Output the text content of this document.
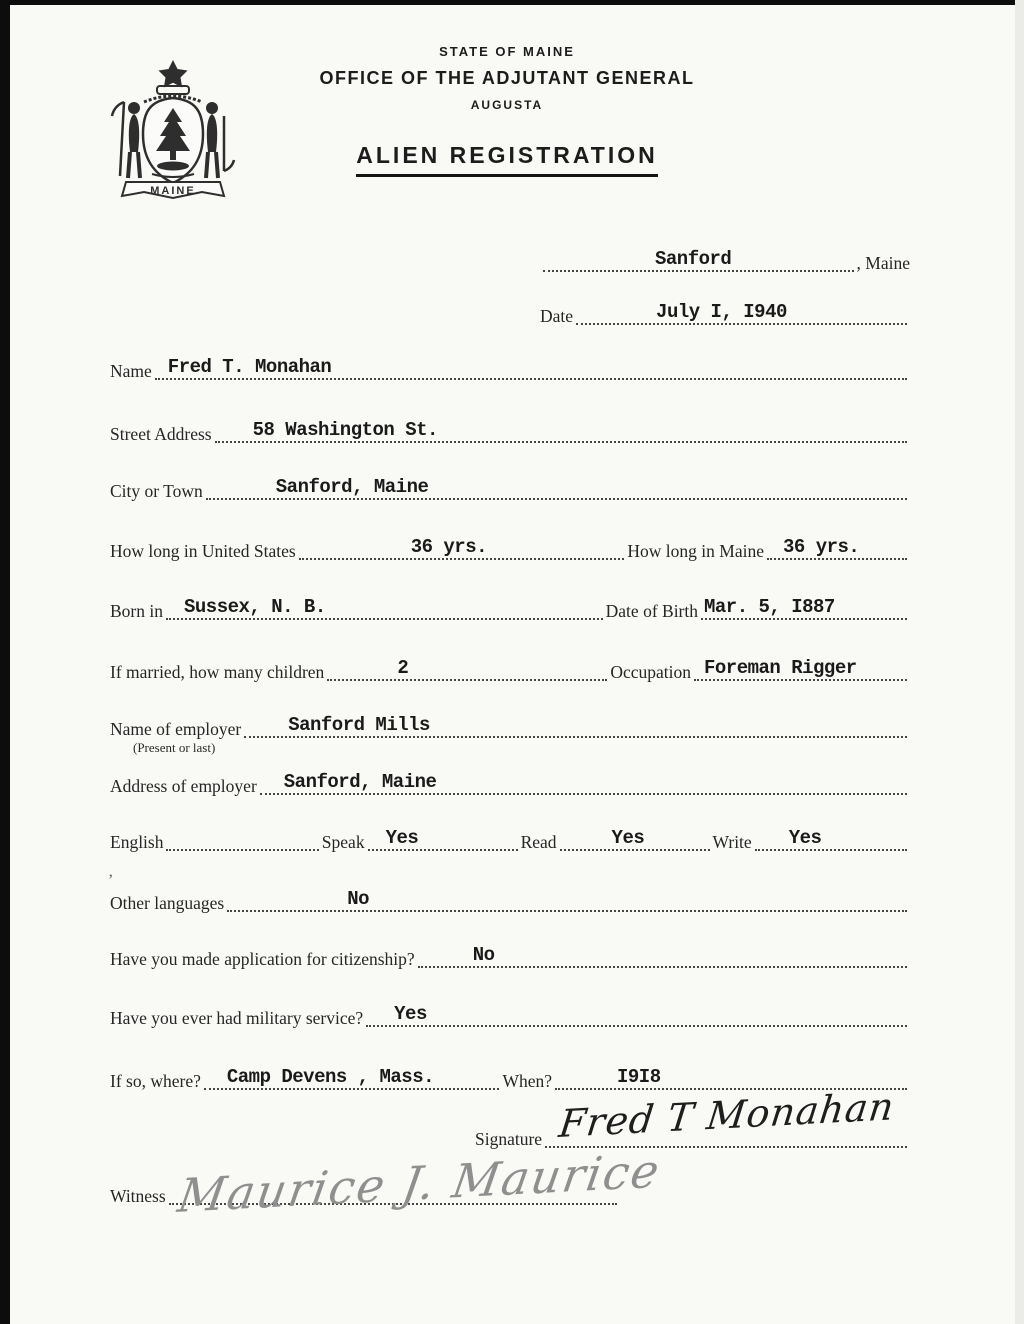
MAINE
STATE OF MAINE
OFFICE OF THE ADJUTANT GENERAL
AUGUSTA
ALIEN REGISTRATION
Sanford	, Maine
Date	July I, I940
Name Fred T. Monahan
Street Address 58 Washington St.
City or Town	Sanford, Maine
How long in United States	36 yrs.	How long in Maine 36 yrs.
Born in Sussex, N. B.	Date of Birth Mar. 5, I887
If married, how many children	2	Occupation Foreman Rigger
Name of employer Sanford Mills
(Present or last)
Address of employer Sanford, Maine
English	Speak Yes	Read	Yes	Write Yes
’
Other languages	No
Have you made application for citizenship?	No
Have you ever had military service? Yes
If so, where? Camp Devens , Mass.	When?	I9I8
Signature Fred T Monahan
Witness Maurice J. Maurice
